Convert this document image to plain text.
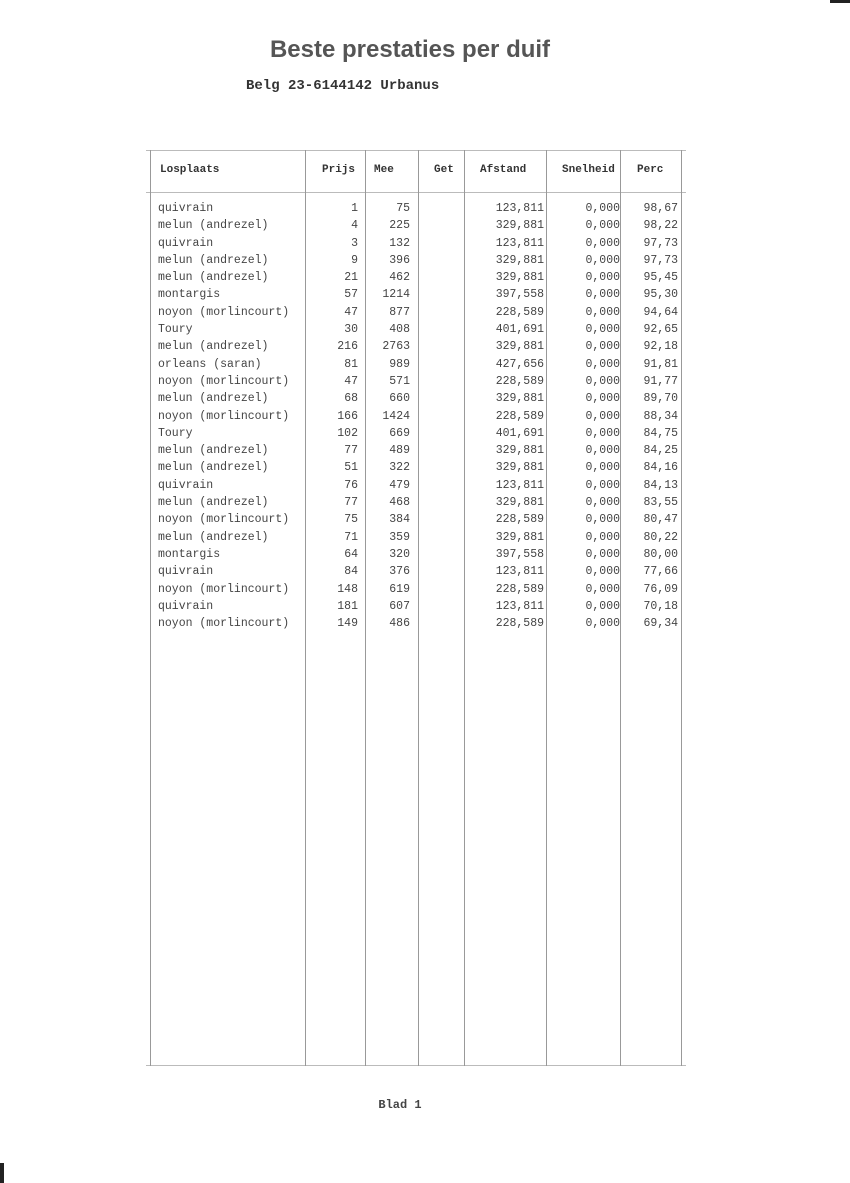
Beste prestaties per duif
Belg 23-6144142 Urbanus
Losplaats	Prijs Mee	Get Afstand	Snelheid Perc
quivrain	1	75	123,811	0,000 98,67
melun (andrezel)	4	225	329,881	0,000 98,22
quivrain	3	132	123,811	0,000 97,73
melun (andrezel)	9	396	329,881	0,000 97,73
melun (andrezel)	21	462	329,881	0,000 95,45
montargis	57 1214	397,558	0,000 95,30
noyon (morlincourt)	47	877	228,589	0,000 94,64
Toury	30	408	401,691	0,000 92,65
melun (andrezel)	216 2763	329,881	0,000 92,18
orleans (saran)	81	989	427,656	0,000 91,81
noyon (morlincourt)	47	571	228,589	0,000 91,77
melun (andrezel)	68	660	329,881	0,000 89,70
noyon (morlincourt)	166 1424	228,589	0,000 88,34
Toury	102	669	401,691	0,000 84,75
melun (andrezel)	77	489	329,881	0,000 84,25
melun (andrezel)	51	322	329,881	0,000 84,16
quivrain	76	479	123,811	0,000 84,13
melun (andrezel)	77	468	329,881	0,000 83,55
noyon (morlincourt)	75	384	228,589	0,000 80,47
melun (andrezel)	71	359	329,881	0,000 80,22
montargis	64	320	397,558	0,000 80,00
quivrain	84	376	123,811	0,000 77,66
noyon (morlincourt)	148	619	228,589	0,000 76,09
quivrain	181	607	123,811	0,000 70,18
noyon (morlincourt)	149	486	228,589	0,000 69,34
Blad 1
